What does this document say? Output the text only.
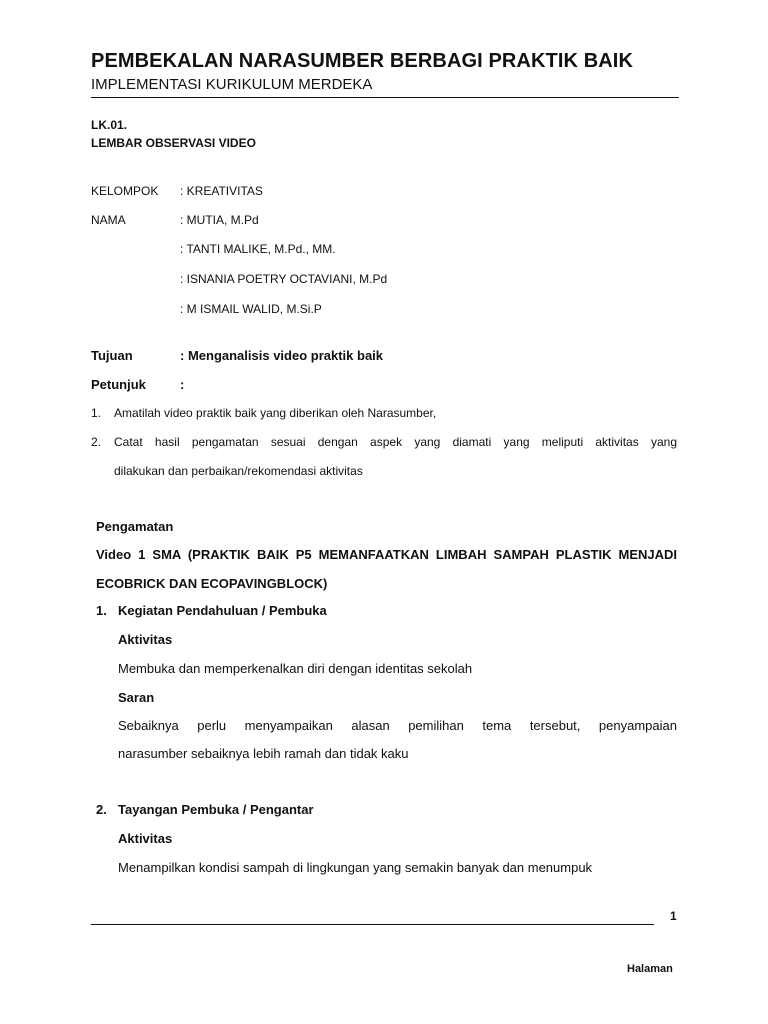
PEMBEKALAN NARASUMBER BERBAGI PRAKTIK BAIK
IMPLEMENTASI KURIKULUM MERDEKA
LK.01.
LEMBAR OBSERVASI VIDEO
KELOMPOK : KREATIVITAS
NAMA	: MUTIA, M.Pd
: TANTI MALIKE, M.Pd., MM.
: ISNANIA POETRY OCTAVIANI, M.Pd
: M ISMAIL WALID, M.Si.P
Tujuan	: Menganalisis video praktik baik
Petunjuk	:
1. Amatilah video praktik baik yang diberikan oleh Narasumber,
2. Catat hasil pengamatan sesuai dengan aspek yang diamati yang meliputi aktivitas yang
dilakukan dan perbaikan/rekomendasi aktivitas
Pengamatan
Video 1 SMA (PRAKTIK BAIK P5 MEMANFAATKAN LIMBAH SAMPAH PLASTIK MENJADI
ECOBRICK DAN ECOPAVINGBLOCK)
1. Kegiatan Pendahuluan / Pembuka
Aktivitas
Membuka dan memperkenalkan diri dengan identitas sekolah
Saran
Sebaiknya perlu menyampaikan alasan pemilihan tema tersebut, penyampaian
narasumber sebaiknya lebih ramah dan tidak kaku
2. Tayangan Pembuka / Pengantar
Aktivitas
Menampilkan kondisi sampah di lingkungan yang semakin banyak dan menumpuk
1
Halaman
